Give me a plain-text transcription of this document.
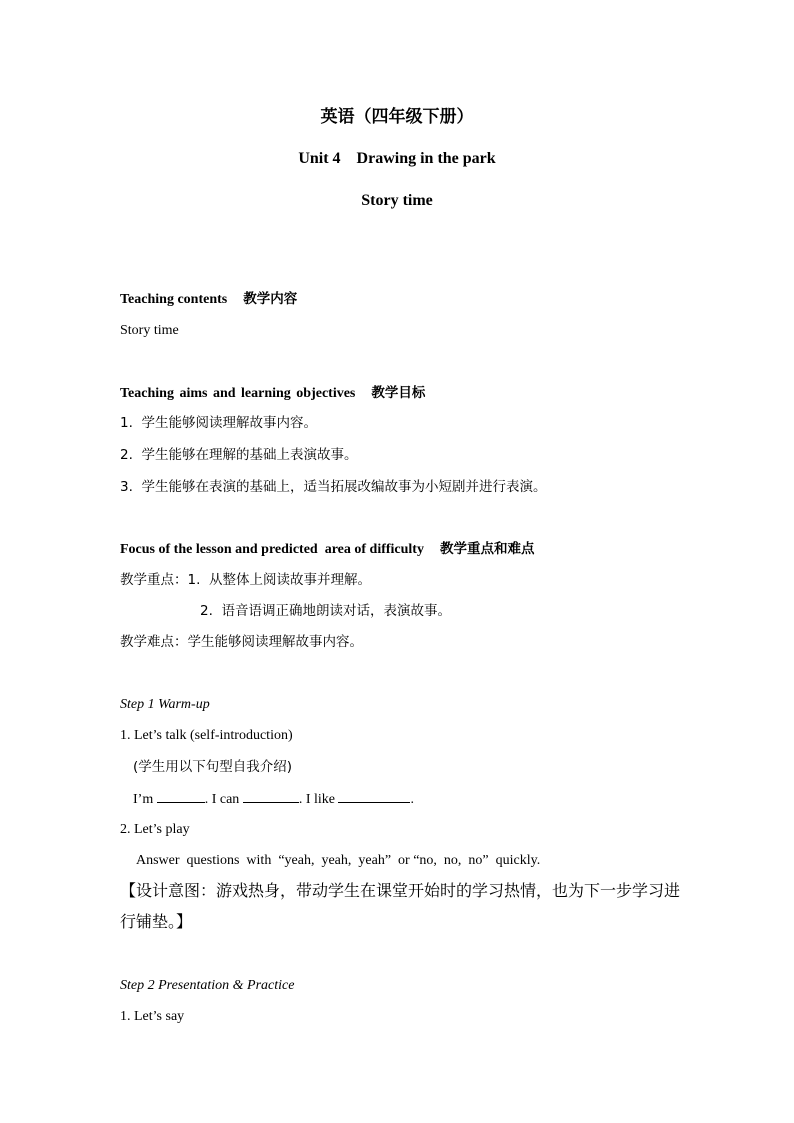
英语（四年级下册）
Unit 4    Drawing in the park
Story time
Teaching contents 教学内容
Story time
Teaching aims and learning objectives 教学目标
1.  学生能够阅读理解故事内容。
2.  学生能够在理解的基础上表演故事。
3.  学生能够在表演的基础上，适当拓展改编故事为小短剧并进行表演。
Focus of the lesson and predicted  area of difficulty 教学重点和难点
教学重点：1.  从整体上阅读故事并理解。
2.  语音语调正确地朗读对话，表演故事。
教学难点：学生能够阅读理解故事内容。
Step 1 Warm-up
1. Let’s talk (self-introduction)
(学生用以下句型自我介绍)
I’m	. I can	. I like	.
2. Let’s play
Answer  questions  with  “yeah,  yeah,  yeah”  or “no,  no,  no”  quickly.
【设计意图：游戏热身，带动学生在课堂开始时的学习热情，也为下一步学习进
行铺垫。】
Step 2 Presentation & Practice
1. Let’s say
